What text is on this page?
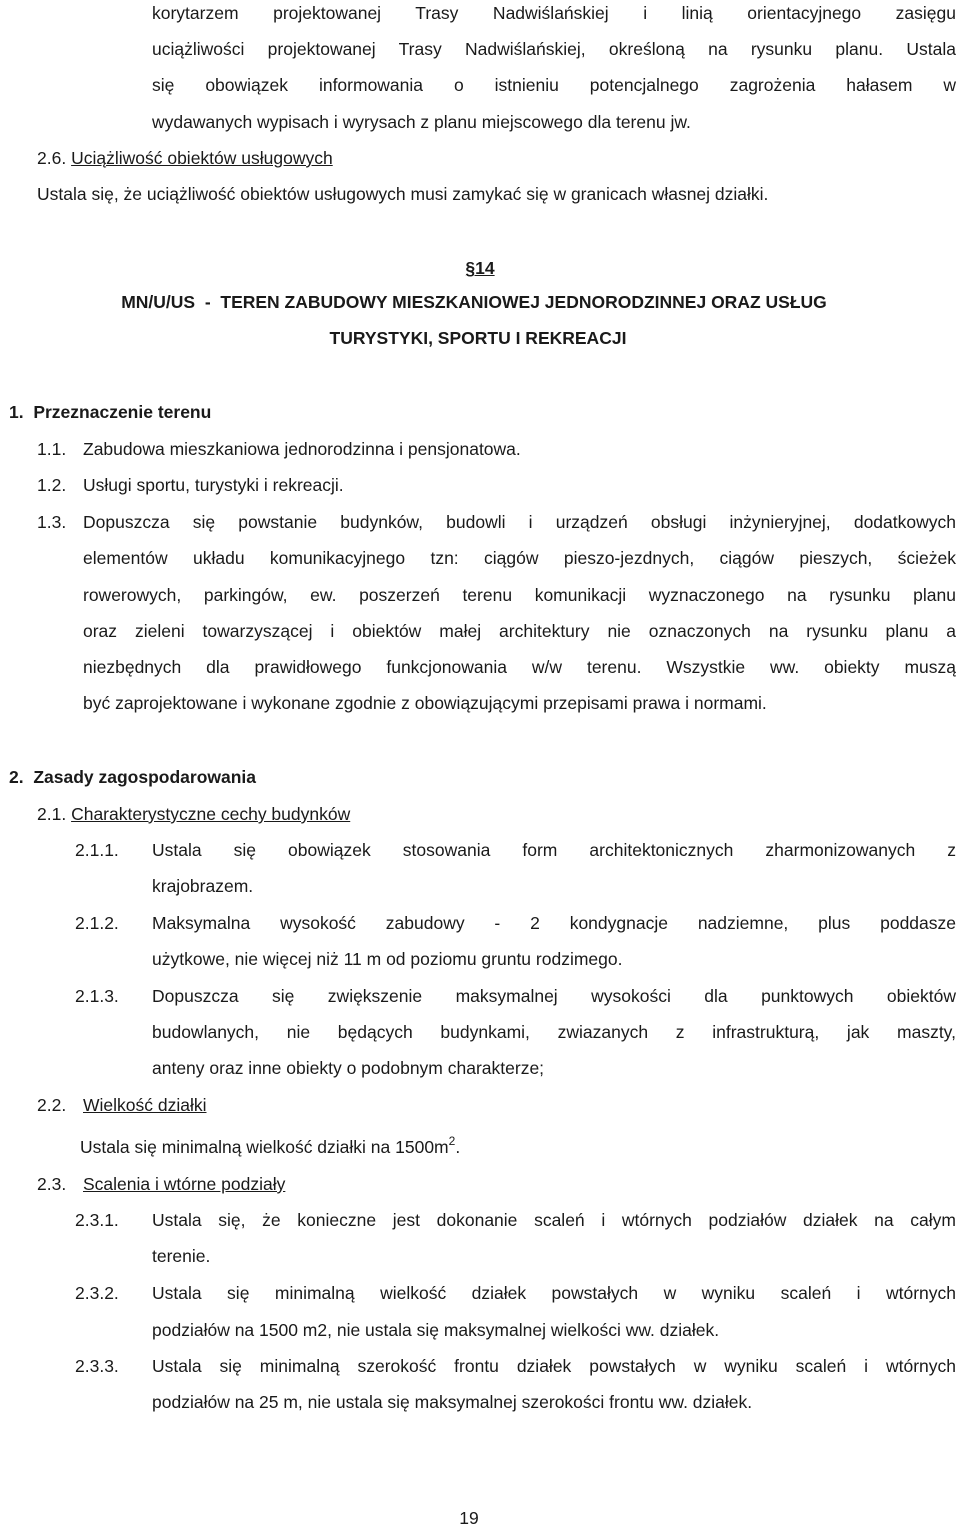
korytarzem projektowanej Trasy Nadwiślańskiej i linią orientacyjnego zasięgu
uciążliwości projektowanej Trasy Nadwiślańskiej, określoną na rysunku planu. Ustala
się obowiązek informowania o istnieniu potencjalnego zagrożenia hałasem w
wydawanych wypisach i wyrysach z planu miejscowego dla terenu jw.
2.6. Uciążliwość obiektów usługowych
Ustala się, że uciążliwość obiektów usługowych musi zamykać się w granicach własnej działki.
§14
MN/U/US  -  TEREN ZABUDOWY MIESZKANIOWEJ JEDNORODZINNEJ ORAZ USŁUG
TURYSTYKI, SPORTU I REKREACJI
1.  Przeznaczenie terenu
1.1. Zabudowa mieszkaniowa jednorodzinna i pensjonatowa.
1.2. Usługi sportu, turystyki i rekreacji.
1.3. Dopuszcza się powstanie budynków, budowli i urządzeń obsługi inżynieryjnej, dodatkowych
elementów układu komunikacyjnego tzn: ciągów pieszo-jezdnych, ciągów pieszych, ścieżek
rowerowych, parkingów, ew. poszerzeń terenu komunikacji wyznaczonego na rysunku planu
oraz zieleni towarzyszącej i obiektów małej architektury nie oznaczonych na rysunku planu a
niezbędnych dla prawidłowego funkcjonowania w/w terenu. Wszystkie ww. obiekty muszą
być zaprojektowane i wykonane zgodnie z obowiązującymi przepisami prawa i normami.
2.  Zasady zagospodarowania
2.1. Charakterystyczne cechy budynków
2.1.1. Ustala się obowiązek stosowania form architektonicznych zharmonizowanych z
krajobrazem.
2.1.2. Maksymalna wysokość zabudowy - 2 kondygnacje nadziemne, plus poddasze
użytkowe, nie więcej niż 11 m od poziomu gruntu rodzimego.
2.1.3. Dopuszcza się zwiększenie maksymalnej wysokości dla punktowych obiektów
budowlanych, nie będących budynkami, zwiazanych z infrastrukturą, jak maszty,
anteny oraz inne obiekty o podobnym charakterze;
2.2. Wielkość działki
Ustala się minimalną wielkość działki na $1500m^2$.
2.3. Scalenia i wtórne podziały
2.3.1. Ustala się, że konieczne jest dokonanie scaleń i wtórnych podziałów działek na całym
terenie.
2.3.2. Ustala się minimalną wielkość działek powstałych w wyniku scaleń i wtórnych
podziałów na 1500 m2, nie ustala się maksymalnej wielkości ww. działek.
2.3.3. Ustala się minimalną szerokość frontu działek powstałych w wyniku scaleń i wtórnych
podziałów na 25 m, nie ustala się maksymalnej szerokości frontu ww. działek.
19
